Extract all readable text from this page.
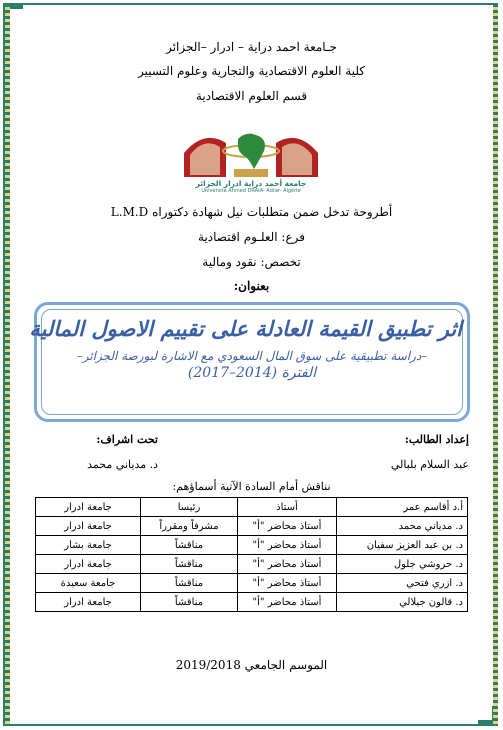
جـامعة احمد دراية – ادرار –الجزائر
كلية العلوم الاقتصادية والتجارية وعلوم التسيير
قسم العلوم الاقتصادية
جامعة أحمد دراية ادرار الجزائر
Université Ahmed DRAIA- Adrar- Algérie
أطروحة تدخل ضمن متطلبات نيل شهادة دكتوراه L.M.D
فرع: العلـوم اقتصادية
تخصص: نقود ومالية
بعنوان:
اثر تطبيق القيمة العادلة على تقييم الاصول المالية
–دراسة تطبيقية على سوق المال السعودي مع الاشارة لبورصة الجزائر–
الفترة (2014–2017)
إعداد الطالب:
تحت اشراف:
عبد السلام بلبالي
د. مدياني محمد
نناقش أمام السادة الآتية أسماؤهم:
أ.د أقاسم عمر	أستاذ	رئيسا	جامعة ادرار
د. مدياني محمد	أستاذ محاضر "أ"	مشرفاً ومقرراً	جامعة ادرار
د. بن عبد العزيز سفيان	أستاذ محاضر "أ"	مناقشاً	جامعة بشار
د. حروشي جلول	أستاذ محاضر "أ"	مناقشاً	جامعة ادرار
د. ازري فتحي	أستاذ محاضر "أ"	مناقشاً	جامعة سعيدة
د. قالون جيلالي	أستاذ محاضر "أ"	مناقشاً	جامعة ادرار
الموسم الجامعي 2019/2018
